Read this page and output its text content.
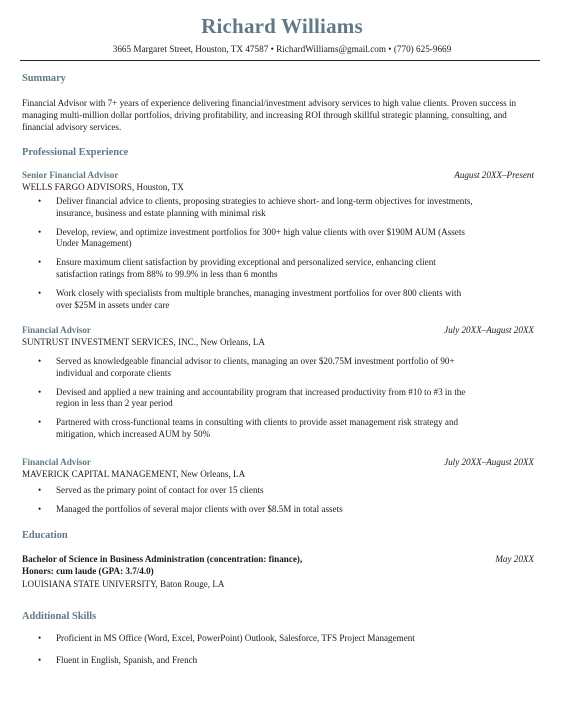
Richard Williams
3665 Margaret Street, Houston, TX 47587 • RichardWilliams@gmail.com • (770) 625-9669
Summary
Financial Advisor with 7+ years of experience delivering financial/investment advisory services to high value clients. Proven success in managing multi-million dollar portfolios, driving profitability, and increasing ROI through skillful strategic planning, consulting, and financial advisory services.
Professional Experience
Senior Financial Advisor	August 20XX–Present
WELLS FARGO ADVISORS, Houston, TX
• Deliver financial advice to clients, proposing strategies to achieve short- and long-term objectives for investments, insurance, business and estate planning with minimal risk
• Develop, review, and optimize investment portfolios for 300+ high value clients with over $190M AUM (Assets Under Management)
• Ensure maximum client satisfaction by providing exceptional and personalized service, enhancing client satisfaction ratings from 88% to 99.9% in less than 6 months
• Work closely with specialists from multiple branches, managing investment portfolios for over 800 clients with over $25M in assets under care
Financial Advisor	July 20XX–August 20XX
SUNTRUST INVESTMENT SERVICES, INC., New Orleans, LA
• Served as knowledgeable financial advisor to clients, managing an over $20.75M investment portfolio of 90+ individual and corporate clients
• Devised and applied a new training and accountability program that increased productivity from #10 to #3 in the region in less than 2 year period
• Partnered with cross-functional teams in consulting with clients to provide asset management risk strategy and mitigation, which increased AUM by 50%
Financial Advisor	July 20XX–August 20XX
MAVERICK CAPITAL MANAGEMENT, New Orleans, LA
• Served as the primary point of contact for over 15 clients
• Managed the portfolios of several major clients with over $8.5M in total assets
Education
Bachelor of Science in Business Administration (concentration: finance),	May 20XX
Honors: cum laude (GPA: 3.7/4.0)
LOUISIANA STATE UNIVERSITY, Baton Rouge, LA
Additional Skills
• Proficient in MS Office (Word, Excel, PowerPoint) Outlook, Salesforce, TFS Project Management
• Fluent in English, Spanish, and French
